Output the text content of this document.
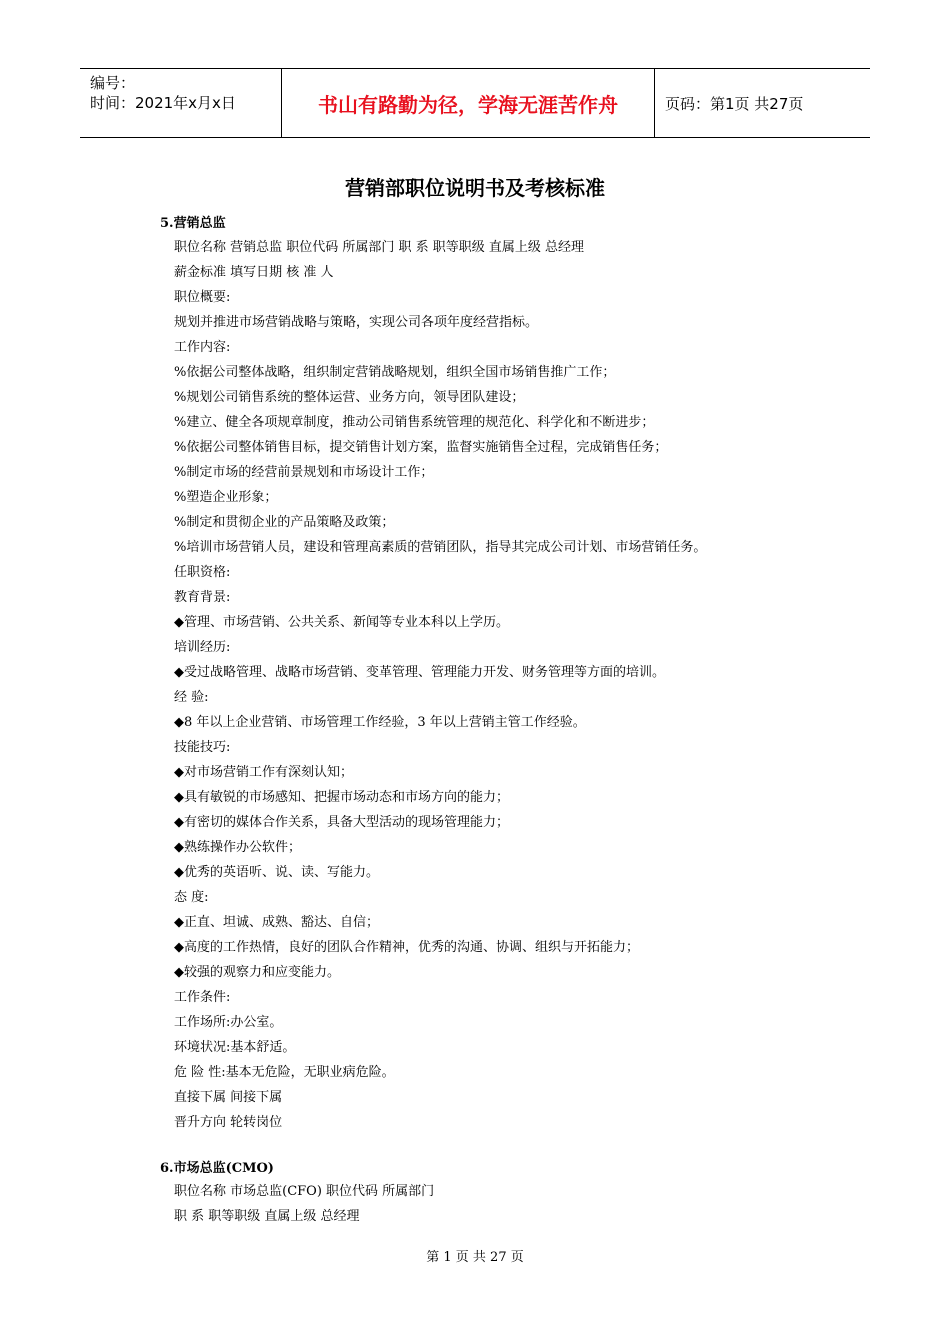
编号：
时间：2021年x月x日	书山有路勤为径，学海无涯苦作舟	页码：第1页 共27页
营销部职位说明书及考核标准
5.营销总监
职位名称 营销总监 职位代码 所属部门 职 系 职等职级 直属上级 总经理
薪金标准 填写日期 核 准 人
职位概要:
规划并推进市场营销战略与策略，实现公司各项年度经营指标。
工作内容:
%依据公司整体战略，组织制定营销战略规划，组织全国市场销售推广工作；
%规划公司销售系统的整体运营、业务方向，领导团队建设；
%建立、健全各项规章制度，推动公司销售系统管理的规范化、科学化和不断进步；
%依据公司整体销售目标，提交销售计划方案，监督实施销售全过程，完成销售任务；
%制定市场的经营前景规划和市场设计工作；
%塑造企业形象；
%制定和贯彻企业的产品策略及政策；
%培训市场营销人员，建设和管理高素质的营销团队，指导其完成公司计划、市场营销任务。
任职资格:
教育背景:
◆管理、市场营销、公共关系、新闻等专业本科以上学历。
培训经历:
◆受过战略管理、战略市场营销、变革管理、管理能力开发、财务管理等方面的培训。
经 验:
◆8 年以上企业营销、市场管理工作经验，3 年以上营销主管工作经验。
技能技巧:
◆对市场营销工作有深刻认知；
◆具有敏锐的市场感知、把握市场动态和市场方向的能力；
◆有密切的媒体合作关系，具备大型活动的现场管理能力；
◆熟练操作办公软件；
◆优秀的英语听、说、读、写能力。
态 度:
◆正直、坦诚、成熟、豁达、自信；
◆高度的工作热情，良好的团队合作精神，优秀的沟通、协调、组织与开拓能力；
◆较强的观察力和应变能力。
工作条件:
工作场所:办公室。
环境状况:基本舒适。
危 险 性:基本无危险，无职业病危险。
直接下属 间接下属
晋升方向 轮转岗位
6.市场总监(CMO)
职位名称 市场总监(CFO) 职位代码 所属部门
职 系 职等职级 直属上级 总经理
第 1 页 共 27 页
